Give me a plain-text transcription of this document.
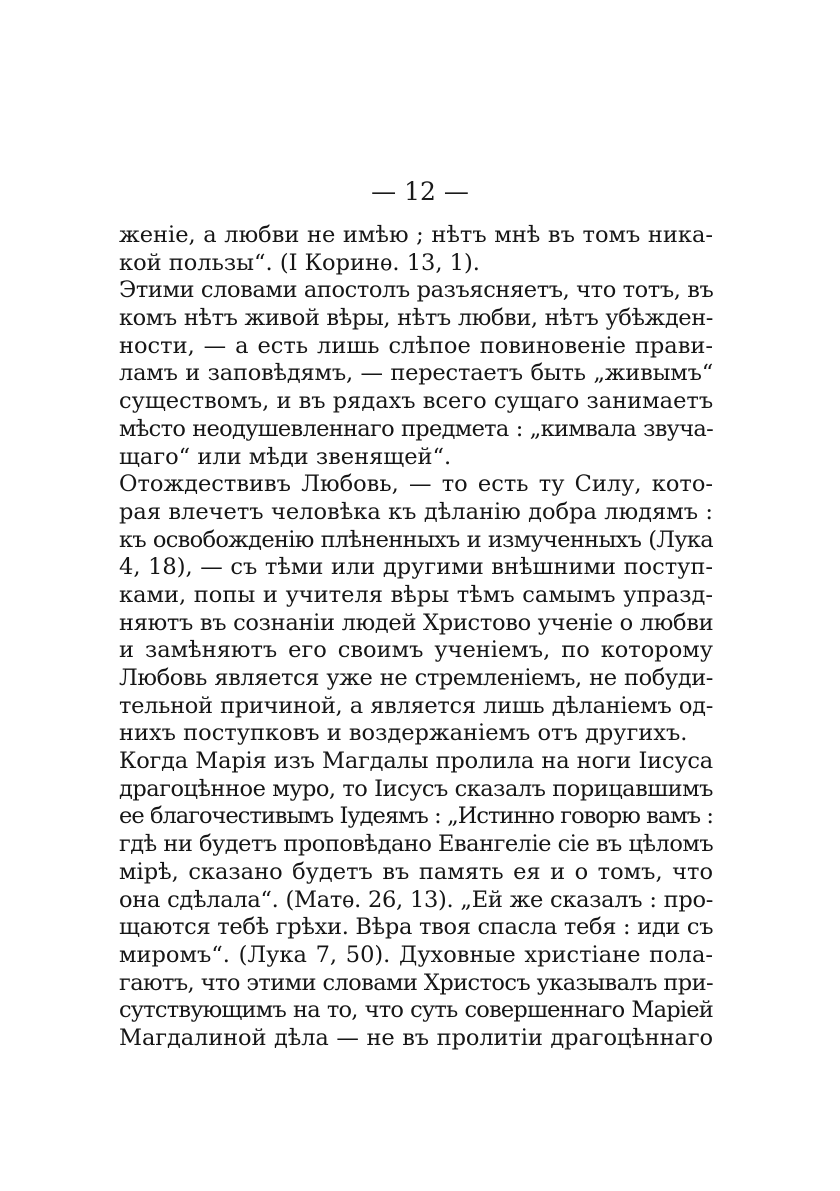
— 12 —
женіе, а любви не имѣю ; нѣтъ мнѣ въ томъ ника-
кой пользы“. (I Коринѳ. 13, 1).
Этими словами апостолъ разъясняетъ, что тотъ, въ
комъ нѣтъ живой вѣры, нѣтъ любви, нѣтъ убѣжден-
ности, — а есть лишь слѣпое повиновеніе прави-
ламъ и заповѣдямъ, — перестаетъ быть „живымъ“
существомъ, и въ рядахъ всего сущаго занимаетъ
мѣсто неодушевленнаго предмета : „кимвала звуча-
щаго“ или мѣди звенящей“.
Отождествивъ Любовь, — то есть ту Силу, кото-
рая влечетъ человѣка къ дѣланію добра людямъ :
къ освобожденію плѣненныхъ и измученныхъ (Лука
4, 18), — съ тѣми или другими внѣшними поступ-
ками, попы и учителя вѣры тѣмъ самымъ упразд-
няютъ въ сознаніи людей Христово ученіе о любви
и замѣняютъ его своимъ ученіемъ, по которому
Любовь является уже не стремленіемъ, не побуди-
тельной причиной, а является лишь дѣланіемъ од-
нихъ поступковъ и воздержаніемъ отъ другихъ.
Когда Марія изъ Магдалы пролила на ноги Іисуса
драгоцѣнное муро, то Іисусъ сказалъ порицавшимъ
ее благочестивымъ Іудеямъ : „Истинно говорю вамъ :
гдѣ ни будетъ проповѣдано Евангеліе сіе въ цѣломъ
мірѣ, сказано будетъ въ память ея и о томъ, что
она сдѣлала“. (Матѳ. 26, 13). „Ей же сказалъ : про-
щаются тебѣ грѣхи. Вѣра твоя спасла тебя : иди съ
миромъ“. (Лука 7, 50). Духовные христіане пола-
гаютъ, что этими словами Христосъ указывалъ при-
сутствующимъ на то, что суть совершеннаго Маріей
Магдалиной дѣла — не въ пролитіи драгоцѣннаго
